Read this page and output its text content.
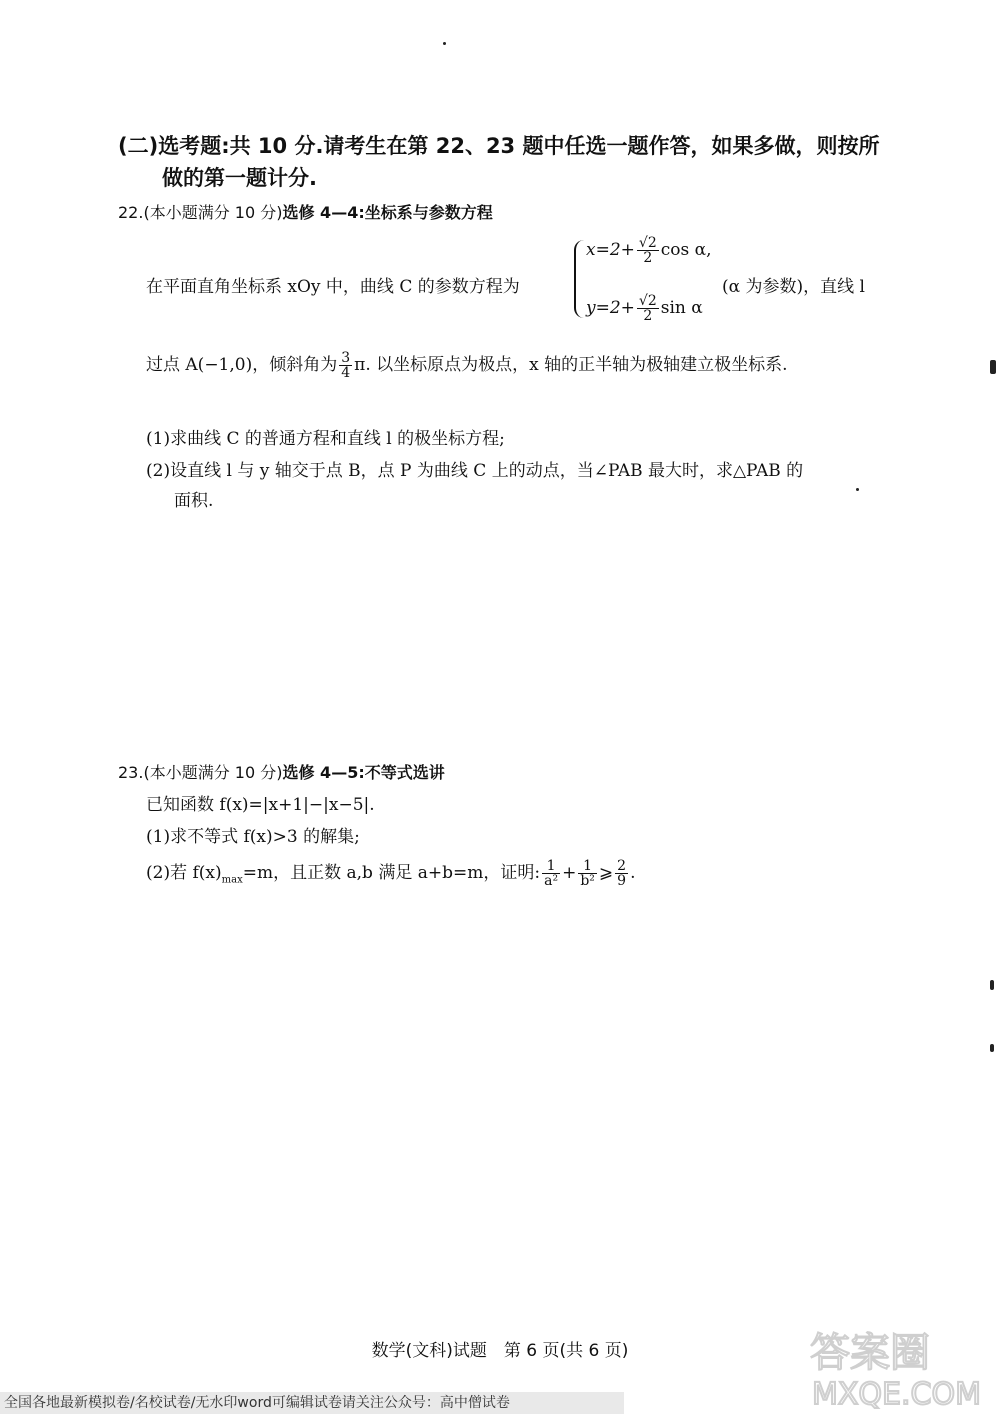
(二)选考题:共 10 分.请考生在第 22、23 题中任选一题作答，如果多做，则按所
做的第一题计分.
22.(本小题满分 10 分)选修 4—4:坐标系与参数方程
在平面直角坐标系 xOy 中，曲线 C 的参数方程为
$x=2+ \frac{√2}{2}$ cos α,
$y=2+ \frac{√2}{2}$ sin α
(α 为参数)，直线 l
过点 A(−1,0)，倾斜角为 $\frac{3}{4} \pi$. 以坐标原点为极点，x 轴的正半轴为极轴建立极坐标系.
(1)求曲线 C 的普通方程和直线 l 的极坐标方程;
(2)设直线 l 与 y 轴交于点 B，点 P 为曲线 C 上的动点，当∠PAB 最大时，求△PAB 的
面积.
23.(本小题满分 10 分)选修 4—5:不等式选讲
已知函数 f(x)=|x+1|−|x−5|.
(1)求不等式 f(x)>3 的解集;
(2)若 $f(x)_{max}=m$，且正数 a,b 满足 a+b=m，证明: $\frac{1}{\text{a²}} + \frac{1}{\text{b²}}$ ⩾ $\frac{2}{9}$ .
数学(文科)试题　第 6 页(共 6 页)	答案圈
MXQE.COM
全国各地最新模拟卷/名校试卷/无水印word可编辑试卷请关注公众号：高中僧试卷
